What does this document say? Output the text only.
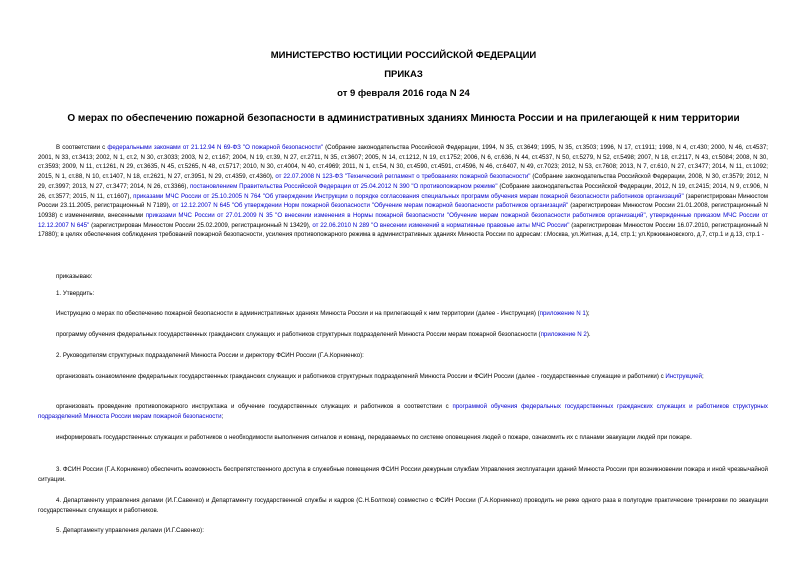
МИНИСТЕРСТВО ЮСТИЦИИ РОССИЙСКОЙ ФЕДЕРАЦИИ
ПРИКАЗ
от 9 февраля 2016 года N 24
О мерах по обеспечению пожарной безопасности в административных зданиях Минюста России и на прилегающей к ним территории

В соответствии с федеральными законами от 21.12.94 N 69-ФЗ "О пожарной безопасности" (Собрание законодательства Российской Федерации, 1994, N 35, ст.3649; 1995, N 35, ст.3503; 1996, N 17, ст.1911; 1998, N 4, ст.430; 2000, N 46, ст.4537; 2001, N 33, ст.3413; 2002, N 1, ст.2, N 30, ст.3033; 2003, N 2, ст.167; 2004, N 19, ст.39, N 27, ст.2711, N 35, ст.3607; 2005, N 14, ст.1212, N 19, ст.1752; 2006, N 6, ст.636, N 44, ст.4537, N 50, ст.5279, N 52, ст.5498; 2007, N 18, ст.2117, N 43, ст.5084; 2008, N 30, ст.3593; 2009, N 11, ст.1261, N 29, ст.3635, N 45, ст.5265, N 48, ст.5717; 2010, N 30, ст.4004, N 40, ст.4969; 2011, N 1, ст.54, N 30, ст.4590, ст.4591, ст.4596, N 46, ст.6407, N 49, ст.7023; 2012, N 53, ст.7608; 2013, N 7, ст.610, N 27, ст.3477; 2014, N 11, ст.1092; 2015, N 1, ст.88, N 10, ст.1407, N 18, ст.2621, N 27, ст.3951, N 29, ст.4359, ст.4360), от 22.07.2008 N 123-ФЗ "Технический регламент о требованиях пожарной безопасности" (Собрание законодательства Российской Федерации, 2008, N 30, ст.3579; 2012, N 29, ст.3997; 2013, N 27, ст.3477; 2014, N 26, ст.3366), постановлением Правительства Российской Федерации от 25.04.2012 N 390 "О противопожарном режиме" (Собрание законодательства Российской Федерации, 2012, N 19, ст.2415; 2014, N 9, ст.906, N 26, ст.3577; 2015, N 11, ст.1607), приказами МЧС России от 25.10.2005 N 764 "Об утверждении Инструкции о порядке согласования специальных программ обучения мерам пожарной безопасности работников организаций" (зарегистрирован Минюстом России 23.11.2005, регистрационный N 7189), от 12.12.2007 N 645 "Об утверждении Норм пожарной безопасности "Обучение мерам пожарной безопасности работников организаций" (зарегистрирован Минюстом России 21.01.2008, регистрационный N 10938) с изменениями, внесенными приказами МЧС России от 27.01.2009 N 35 "О внесении изменения в Нормы пожарной безопасности "Обучение мерам пожарной безопасности работников организаций", утвержденные приказом МЧС России от 12.12.2007 N 645" (зарегистрирован Минюстом России 25.02.2009, регистрационный N 13429), от 22.06.2010 N 289 "О внесении изменений в нормативные правовые акты МЧС России" (зарегистрирован Минюстом России 16.07.2010, регистрационный N 17880); в целях обеспечения соблюдения требований пожарной безопасности, усиления противопожарного режима в административных зданиях Минюста России по адресам: г.Москва, ул.Житная, д.14, стр.1; ул.Кржижановского, д.7, стр.1 и д.13, стр.1 -

приказываю:

1. Утвердить:

Инструкцию о мерах по обеспечению пожарной безопасности в административных зданиях Минюста России и на прилегающей к ним территории (далее - Инструкция) (приложение N 1);

программу обучения федеральных государственных гражданских служащих и работников структурных подразделений Минюста России мерам пожарной безопасности (приложение N 2).

2. Руководителям структурных подразделений Минюста России и директору ФСИН России (Г.А.Корниенко):

организовать ознакомление федеральных государственных гражданских служащих и работников структурных подразделений Минюста России и ФСИН России (далее - государственные служащие и работники) с Инструкцией;

организовать проведение противопожарного инструктажа и обучение государственных служащих и работников в соответствии с программой обучения федеральных государственных гражданских служащих и работников структурных подразделений Минюста России мерам пожарной безопасности;

информировать государственных служащих и работников о необходимости выполнения сигналов и команд, передаваемых по системе оповещения людей о пожаре, ознакомить их с планами эвакуации людей при пожаре.

3. ФСИН России (Г.А.Корниенко) обеспечить возможность беспрепятственного доступа в служебные помещения ФСИН России дежурным службам Управления эксплуатации зданий Минюста России при возникновении пожара и иной чрезвычайной ситуации.

4. Департаменту управления делами (И.Г.Савенко) и Департаменту государственной службы и кадров (С.Н.Болтков) совместно с ФСИН России (Г.А.Корниенко) проводить не реже одного раза в полугодие практические тренировки по эвакуации государственных служащих и работников.

5. Департаменту управления делами (И.Г.Савенко):
